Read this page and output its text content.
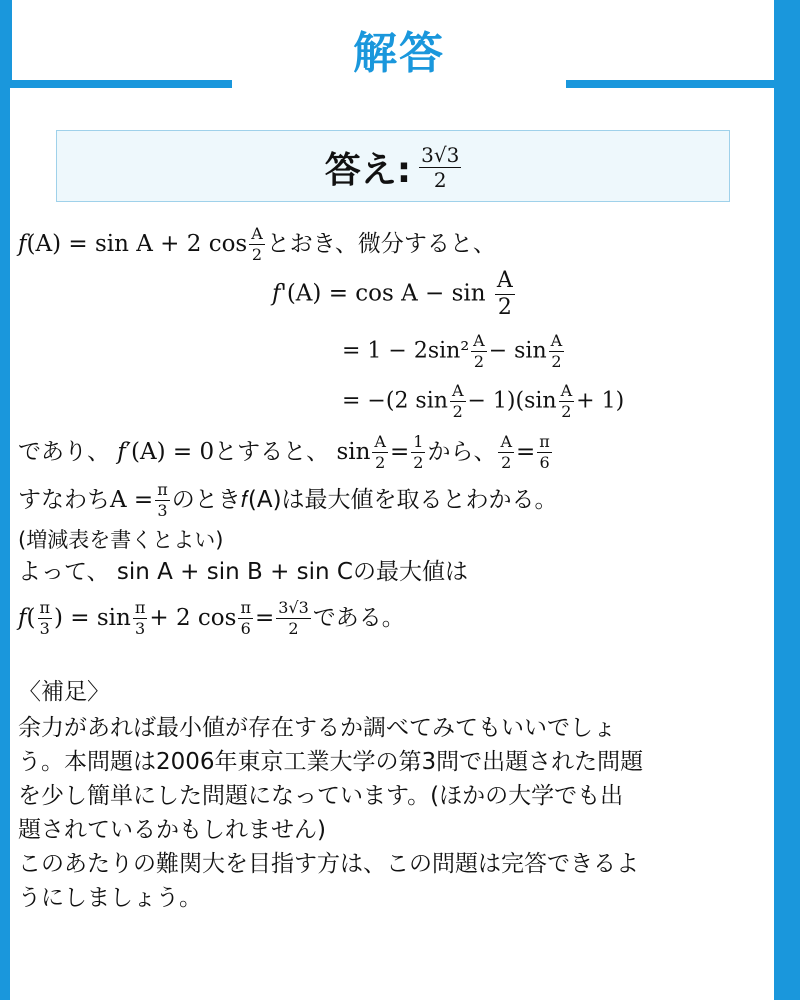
解答
答え: $\frac{3√3}{2}$
𝑓(A) = sin A + 2 $\cos \frac{A}{2}$ とおき、微分すると、
𝑓'(A) = $\cos A - \sin \frac{A}{2}$
= $1 - 2\sin^2 \frac{A}{2} - \sin \frac{A}{2}$
= −(2 $\sin \frac{A}{2} - 1)(\sin \frac{A}{2} + 1)$
であり、 𝑓′(A) = 0とすると、 $\sin \frac{A}{2} = \frac{1}{2}$ から、 $\frac{A}{2} = \frac{\pi}{6}$
すなわち$A = \frac{\pi}{3}$ のとき𝑓(A)は最大値を取るとわかる。
(増減表を書くとよい)
よって、 sin A + sin B + sin Cの最大値は
𝑓( $\frac{\pi}{3}$ ) = $\sin \frac{\pi}{3} + 2$ $\cos \frac{\pi}{6} = \frac{3√3}{2}$ である。
〈補足〉
余力があれば最小値が存在するか調べてみてもいいでしょ
う。本問題は2006年東京工業大学の第3問で出題された問題
を少し簡単にした問題になっています。(ほかの大学でも出
題されているかもしれません)
このあたりの難関大を目指す方は、この問題は完答できるよ
うにしましょう。
